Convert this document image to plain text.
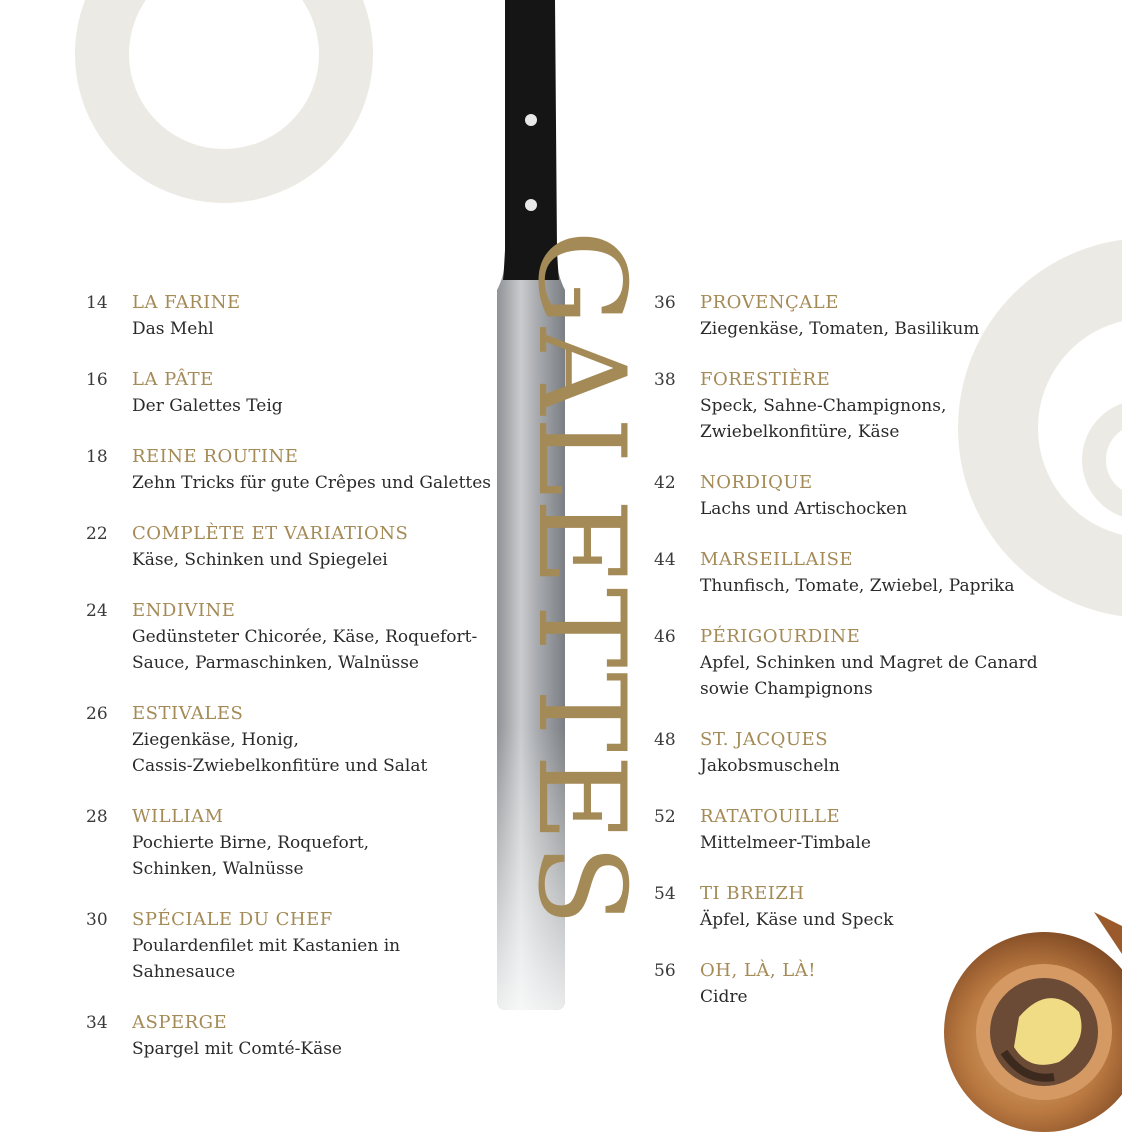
GALETTES
14	LA FARINE
Das Mehl
16	LA PÂTE
Der Galettes Teig
18	REINE ROUTINE
Zehn Tricks für gute Crêpes und Galettes
22	COMPLÈTE ET VARIATIONS
Käse, Schinken und Spiegelei
24	ENDIVINE
Gedünsteter Chicorée, Käse, Roquefort-
Sauce, Parmaschinken, Walnüsse
26	ESTIVALES
Ziegenkäse, Honig,
Cassis-Zwiebelkonfitüre und Salat
28	WILLIAM
Pochierte Birne, Roquefort,
Schinken, Walnüsse
30	SPÉCIALE DU CHEF
Poulardenfilet mit Kastanien in Sahnesauce
34	ASPERGE
Spargel mit Comté-Käse
36	PROVENÇALE
Ziegenkäse, Tomaten, Basilikum
38	FORESTIÈRE
Speck, Sahne-Champignons,
Zwiebelkonfitüre, Käse
42	NORDIQUE
Lachs und Artischocken
44	MARSEILLAISE
Thunfisch, Tomate, Zwiebel, Paprika
46	PÉRIGOURDINE
Apfel, Schinken und Magret de Canard
sowie Champignons
48	ST. JACQUES
Jakobsmuscheln
52	RATATOUILLE
Mittelmeer-Timbale
54	TI BREIZH
Äpfel, Käse und Speck
56	OH, LÀ, LÀ!
Cidre
